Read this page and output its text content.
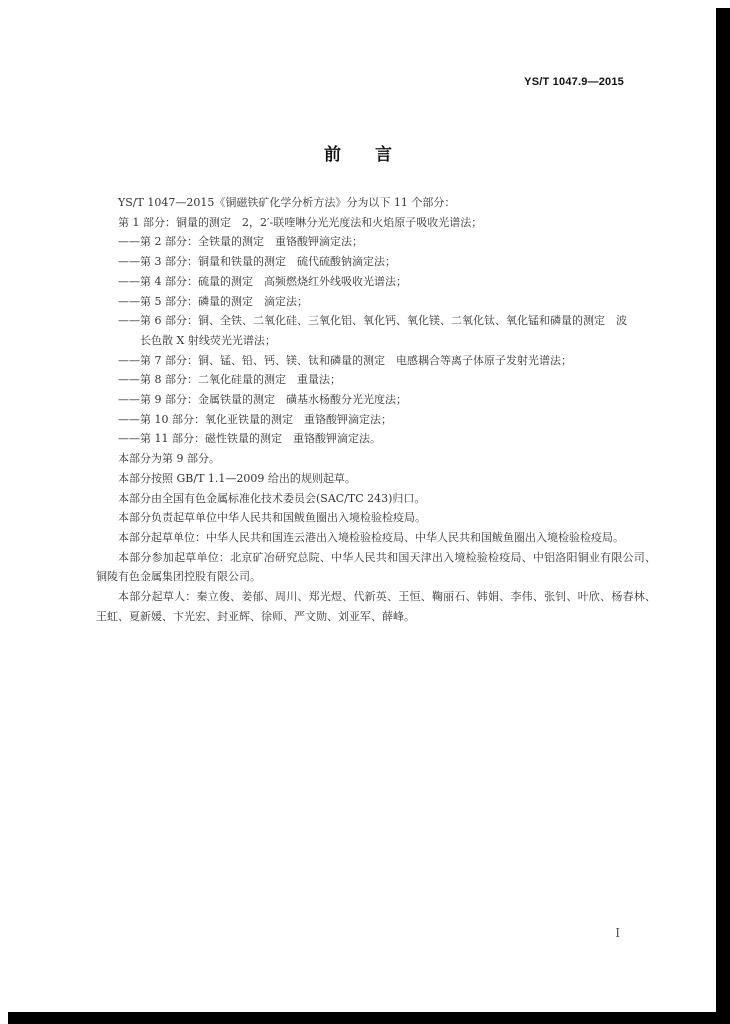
YS/T 1047.9—2015
前言

YS/T 1047—2015《铜磁铁矿化学分析方法》分为以下 11 个部分：

第 1 部分：铜量的测定　2，2′-联喹啉分光光度法和火焰原子吸收光谱法；

——第 2 部分：全铁量的测定　重铬酸钾滴定法；

——第 3 部分：铜量和铁量的测定　硫代硫酸钠滴定法；

——第 4 部分：硫量的测定　高频燃烧红外线吸收光谱法；

——第 5 部分：磷量的测定　滴定法；

——第 6 部分：铜、全铁、二氧化硅、三氧化铝、氧化钙、氧化镁、二氧化钛、氧化锰和磷量的测定　波
长色散 X 射线荧光光谱法；

——第 7 部分：铜、锰、铅、钙、镁、钛和磷量的测定　电感耦合等离子体原子发射光谱法；

——第 8 部分：二氧化硅量的测定　重量法；

——第 9 部分：金属铁量的测定　磺基水杨酸分光光度法；

——第 10 部分：氧化亚铁量的测定　重铬酸钾滴定法；

——第 11 部分：磁性铁量的测定　重铬酸钾滴定法。

本部分为第 9 部分。

本部分按照 GB/T 1.1—2009 给出的规则起草。

本部分由全国有色金属标准化技术委员会(SAC/TC 243)归口。

本部分负责起草单位中华人民共和国鲅鱼圈出入境检验检疫局。

本部分起草单位：中华人民共和国连云港出入境检验检疫局、中华人民共和国鲅鱼圈出入境检验检疫局。

本部分参加起草单位：北京矿冶研究总院、中华人民共和国天津出入境检验检疫局、中铝洛阳铜业有限公司、铜陵有色金属集团控股有限公司。

本部分起草人：秦立俊、姜郁、周川、郑光煜、代新英、王恒、鞠丽石、韩娟、李伟、张钊、叶欣、杨春林、王虹、夏新媛、卞光宏、封亚辉、徐师、严文勋、刘亚军、薛峰。

I
